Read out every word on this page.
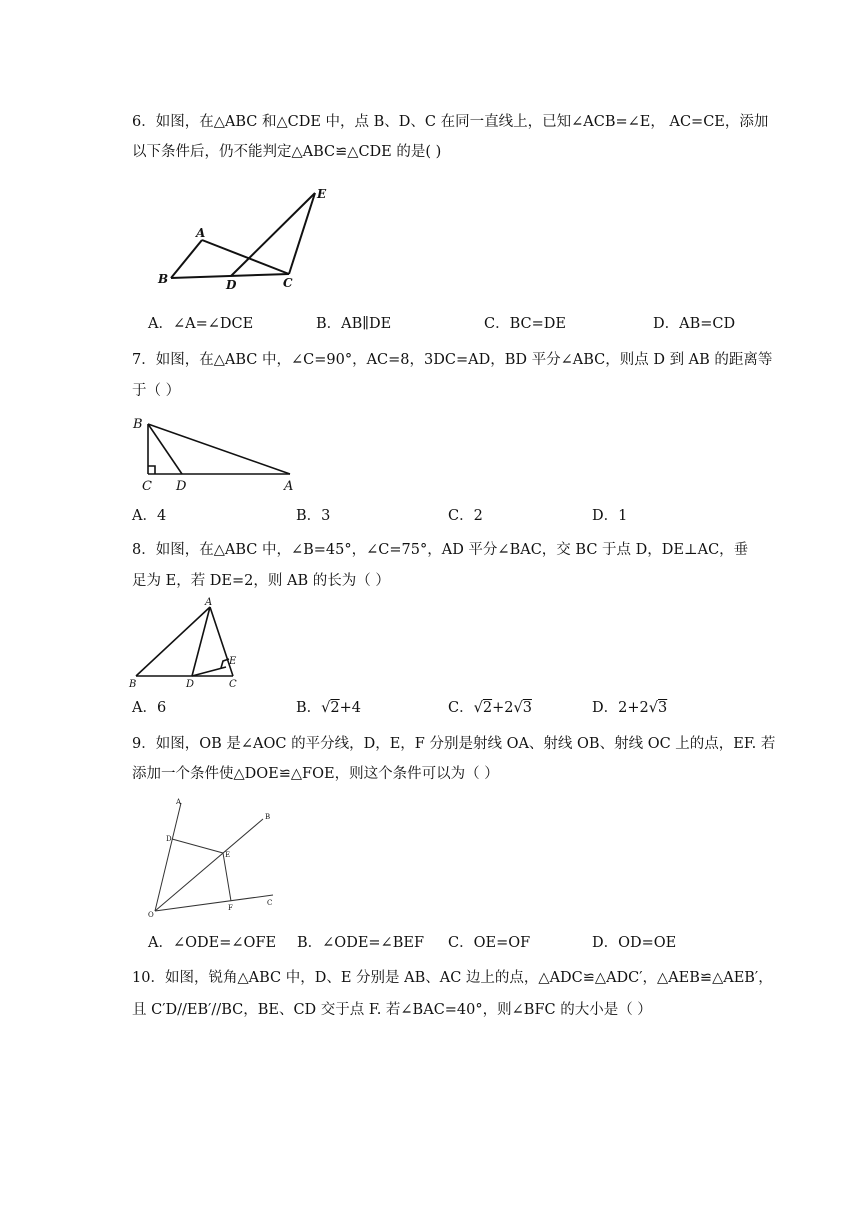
6．如图，在△ABC 和△CDE 中，点 B、D、C 在同一直线上，已知∠ACB=∠E， AC=CE，添加
以下条件后，仍不能判定△ABC≌△CDE 的是( )
A
B	D	C
E
A．∠A=∠DCE	B．AB∥DE	C．BC=DE	D．AB=CD
7．如图，在△ABC 中，∠C=90°，AC=8，3DC=AD，BD 平分∠ABC，则点 D 到 AB 的距离等
于（ ）
B
C D	A
A．4	B．3	C．2	D．1
8．如图，在△ABC 中，∠B=45°，∠C=75°，AD 平分∠BAC，交 BC 于点 D，DE⊥AC，垂
足为 E，若 DE=2，则 AB 的长为（ ）
A
E
B	D	C
A．6	B．√2+4	C．√2+2√3	D．2+2√3
9．如图，OB 是∠AOC 的平分线，D，E，F 分别是射线 OA、射线 OB、射线 OC 上的点，EF. 若
添加一个条件使△DOE≌△FOE，则这个条件可以为（ ）
A
B
D
E
O
F
C
A．∠ODE=∠OFE B．∠ODE=∠BEF C．OE=OF	D．OD=OE
10．如图，锐角△ABC 中，D、E 分别是 AB、AC 边上的点，△ADC≌△ADC′，△AEB≌△AEB′，
且 C′D//EB′//BC，BE、CD 交于点 F. 若∠BAC=40°，则∠BFC 的大小是（ ）
